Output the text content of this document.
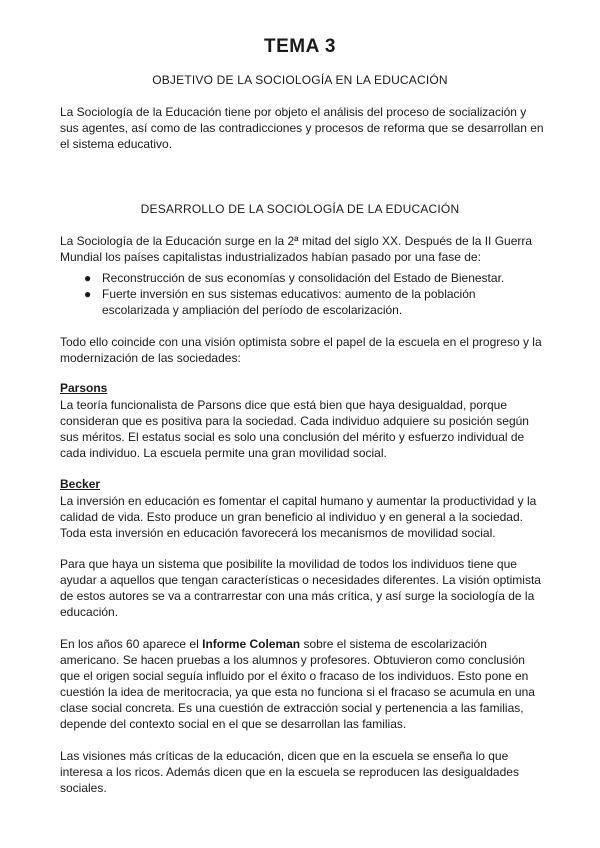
TEMA 3
OBJETIVO DE LA SOCIOLOGÍA EN LA EDUCACIÓN

La Sociología de la Educación tiene por objeto el análisis del proceso de socialización y sus agentes, así como de las contradicciones y procesos de reforma que se desarrollan en el sistema educativo.

DESARROLLO DE LA SOCIOLOGÍA DE LA EDUCACIÓN

La Sociología de la Educación surge en la 2ª mitad del siglo XX. Después de la II Guerra Mundial los países capitalistas industrializados habían pasado por una fase de:

● Reconstrucción de sus economías y consolidación del Estado de Bienestar.
● Fuerte inversión en sus sistemas educativos: aumento de la población escolarizada y ampliación del período de escolarización.

Todo ello coincide con una visión optimista sobre el papel de la escuela en el progreso y la modernización de las sociedades:

Parsons

La teoría funcionalista de Parsons dice que está bien que haya desigualdad, porque consideran que es positiva para la sociedad. Cada individuo adquiere su posición según sus méritos. El estatus social es solo una conclusión del mérito y esfuerzo individual de cada individuo. La escuela permite una gran movilidad social.

Becker

La inversión en educación es fomentar el capital humano y aumentar la productividad y la calidad de vida. Esto produce un gran beneficio al individuo y en general a la sociedad. Toda esta inversión en educación favorecerá los mecanismos de movilidad social.

Para que haya un sistema que posibilite la movilidad de todos los individuos tiene que ayudar a aquellos que tengan características o necesidades diferentes. La visión optimista de estos autores se va a contrarrestar con una más crítica, y así surge la sociología de la educación.

En los años 60 aparece el Informe Coleman sobre el sistema de escolarización americano. Se hacen pruebas a los alumnos y profesores. Obtuvieron como conclusión que el origen social seguía influido por el éxito o fracaso de los individuos. Esto pone en cuestión la idea de meritocracia, ya que esta no funciona si el fracaso se acumula en una clase social concreta. Es una cuestión de extracción social y pertenencia a las familias, depende del contexto social en el que se desarrollan las familias.

Las visiones más críticas de la educación, dicen que en la escuela se enseña lo que interesa a los ricos. Además dicen que en la escuela se reproducen las desigualdades sociales.
